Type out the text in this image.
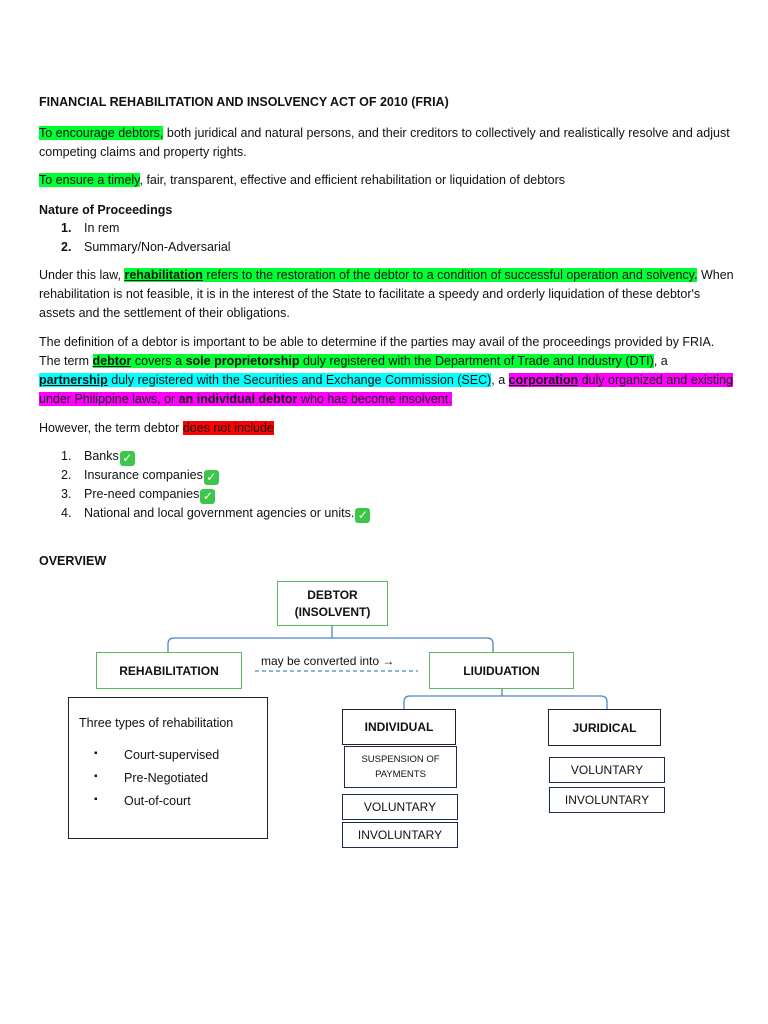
FINANCIAL REHABILITATION AND INSOLVENCY ACT OF 2010 (FRIA)
To encourage debtors, both juridical and natural persons, and their creditors to collectively and realistically resolve and adjust competing claims and property rights.
To ensure a timely, fair, transparent, effective and efficient rehabilitation or liquidation of debtors
Nature of Proceedings
1.	In rem
2.	Summary/Non-Adversarial
Under this law, rehabilitation refers to the restoration of the debtor to a condition of successful operation and solvency. When rehabilitation is not feasible, it is in the interest of the State to facilitate a speedy and orderly liquidation of these debtor's assets and the settlement of their obligations.
The definition of a debtor is important to be able to determine if the parties may avail of the proceedings provided by FRIA. The term debtor covers a sole proprietorship duly registered with the Department of Trade and Industry (DTI), a partnership duly registered with the Securities and Exchange Commission (SEC), a corporation duly organized and existing under Philippine laws, or an individual debtor who has become insolvent.
However, the term debtor does not include
1.	Banks ✓
2.	Insurance companies ✓
3.	Pre-need companies ✓
4.	National and local government agencies or units. ✓
OVERVIEW
DEBTOR
(INSOLVENT)
REHABILITATION
may be converted into →
LIUIDUATION
Three types of rehabilitation
▪ Court-supervised
▪ Pre-Negotiated
▪ Out-of-court
INDIVIDUAL
SUSPENSION OF
PAYMENTS
VOLUNTARY
INVOLUNTARY
JURIDICAL
VOLUNTARY
INVOLUNTARY
